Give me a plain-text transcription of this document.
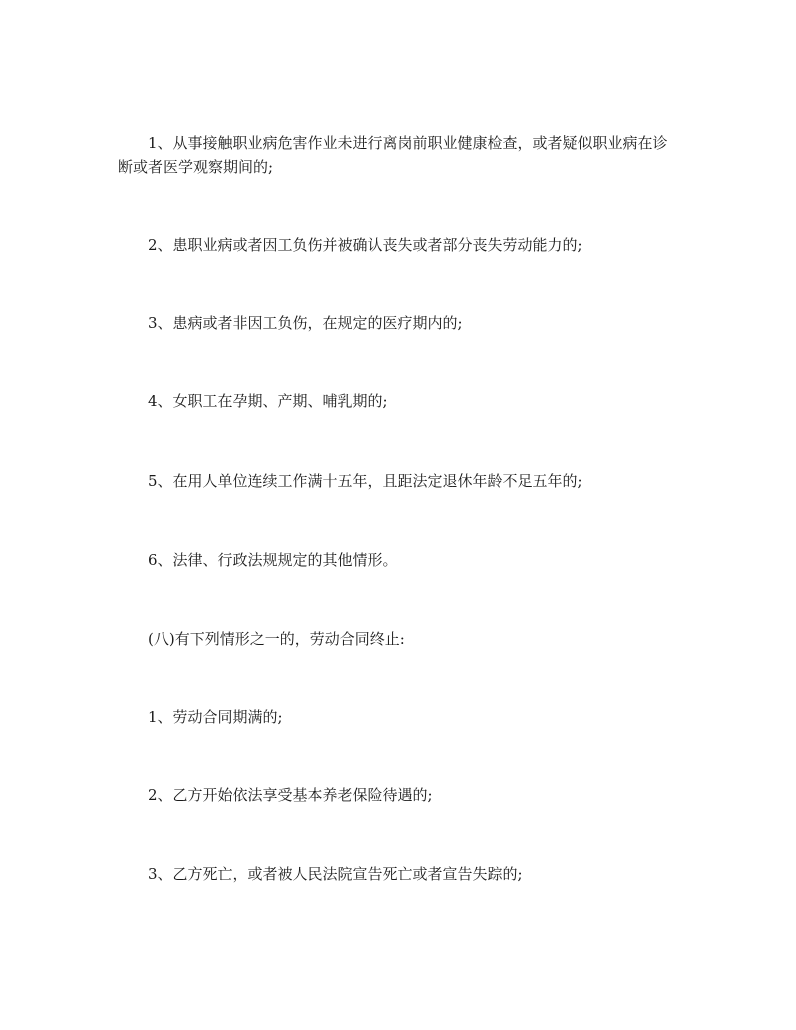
1、从事接触职业病危害作业未进行离岗前职业健康检查，或者疑似职业病在诊断或者医学观察期间的;

2、患职业病或者因工负伤并被确认丧失或者部分丧失劳动能力的;

3、患病或者非因工负伤，在规定的医疗期内的;

4、女职工在孕期、产期、哺乳期的;

5、在用人单位连续工作满十五年，且距法定退休年龄不足五年的;

6、法律、行政法规规定的其他情形。

(八)有下列情形之一的，劳动合同终止:

1、劳动合同期满的;

2、乙方开始依法享受基本养老保险待遇的;

3、乙方死亡，或者被人民法院宣告死亡或者宣告失踪的;
